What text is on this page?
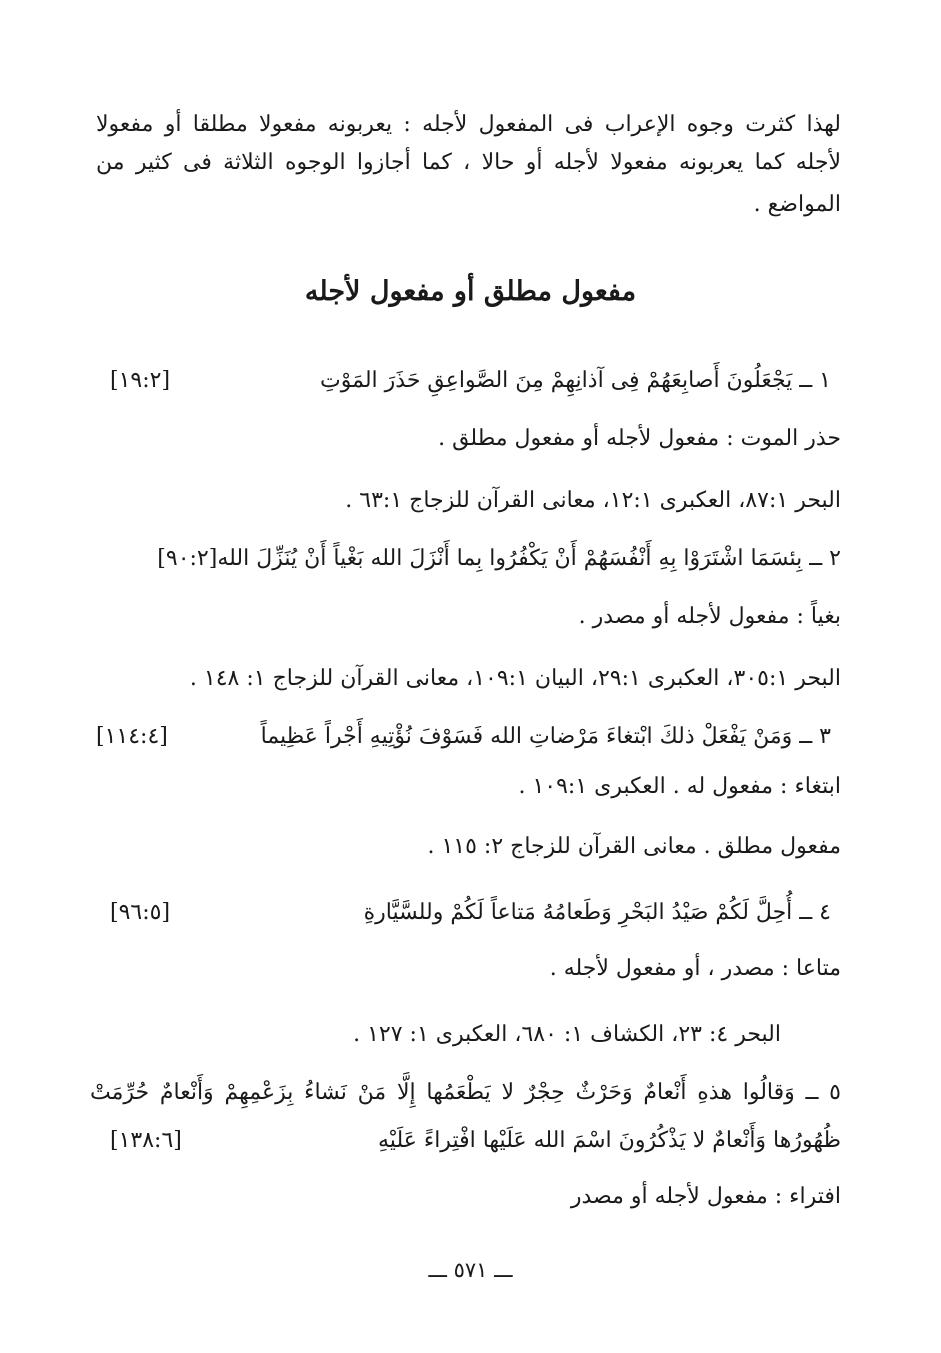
لهذا كثرت وجوه الإعراب فى المفعول لأجله : يعربونه مفعولا مطلقا أو مفعولا
لأجله كما يعربونه مفعولا لأجله أو حالا ، كما أجازوا الوجوه الثلاثة فى كثير من
المواضع .
مفعول مطلق أو مفعول لأجله
١ ــ يَجْعَلُونَ أَصابِعَهُمْ فِى آذانِهِمْ مِنَ الصَّواعِقِ حَذَرَ المَوْتِ
[١٩:٢]
حذر الموت : مفعول لأجله أو مفعول مطلق .
البحر ٨٧:١، العكبرى ١٢:١، معانى القرآن للزجاج ٦٣:١ .
٢ ــ بِئسَمَا اشْتَرَوْا بِهِ أَنْفُسَهُمْ أَنْ يَكْفُرُوا بِما أَنْزَلَ الله بَغْياً أَنْ يُنَزِّلَ الله[٩٠:٢]
بغياً : مفعول لأجله أو مصدر .
البحر ٣٠٥:١، العكبرى ٢٩:١، البيان ١٠٩:١، معانى القرآن للزجاج ١: ١٤٨ .
٣ ــ وَمَنْ يَفْعَلْ ذلكَ ابْتغاءَ مَرْضاتِ الله فَسَوْفَ نُؤْتِيهِ أَجْراً عَظِيماً
[١١٤:٤]
ابتغاء : مفعول له . العكبرى ١٠٩:١ .
مفعول مطلق . معانى القرآن للزجاج ٢: ١١٥ .
٤ ــ أُحِلَّ لَكُمْ صَيْدُ البَحْرِ وَطَعامُهُ مَتاعاً لَكُمْ وللسَّيَّارةِ
[٩٦:٥]
متاعا : مصدر ، أو مفعول لأجله .
البحر ٤: ٢٣، الكشاف ١: ٦٨٠، العكبرى ١: ١٢٧ .
٥ ــ وَقالُوا هذهِ أَنْعامٌ وَحَرْثٌ حِجْرٌ لا يَطْعَمُها إِلَّا مَنْ نَشاءُ بِزَعْمِهِمْ وَأَنْعامٌ حُرِّمَتْ
ظُهُورُها وَأَنْعامٌ لا يَذْكُرُونَ اسْمَ الله عَلَيْها افْتِراءً عَلَيْهِ
[١٣٨:٦]
افتراء : مفعول لأجله أو مصدر
ـــ ٥٧١ ـــ
